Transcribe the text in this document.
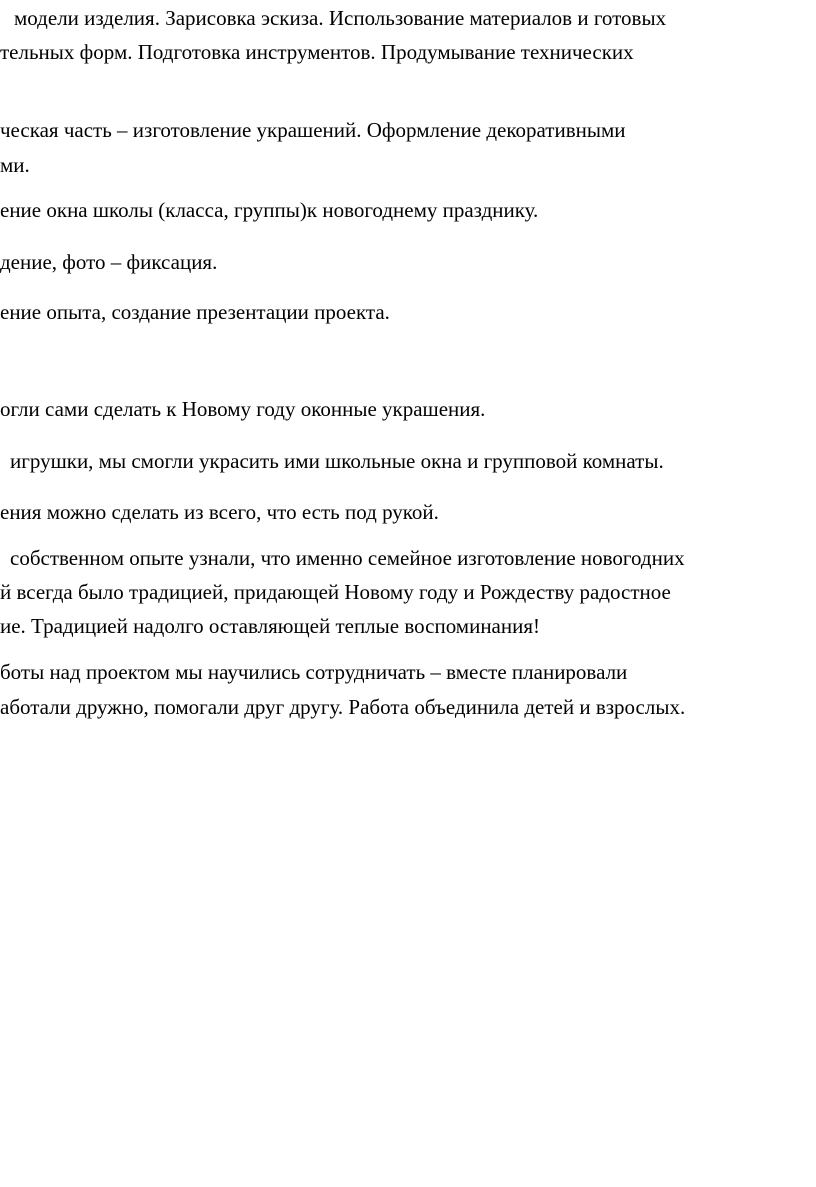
модели изделия. Зарисовка эскиза. Использование материалов и готовых
тельных форм. Подготовка инструментов. Продумывание технических
ческая часть – изготовление украшений. Оформление декоративными
ми.
ение окна школы (класса, группы)к новогоднему празднику.
дение, фото – фиксация.
ение опыта, создание презентации проекта.
огли сами сделать к Новому году оконные украшения.
игрушки, мы смогли украсить ими школьные окна и групповой комнаты.
ения можно сделать из всего, что есть под рукой.
собственном опыте узнали, что именно семейное изготовление новогодних
й всегда было традицией, придающей Новому году и Рождеству радостное
ие. Традицией надолго оставляющей теплые воспоминания!
боты над проектом мы научились сотрудничать – вместе планировали
аботали дружно, помогали друг другу. Работа объединила детей и взрослых.
